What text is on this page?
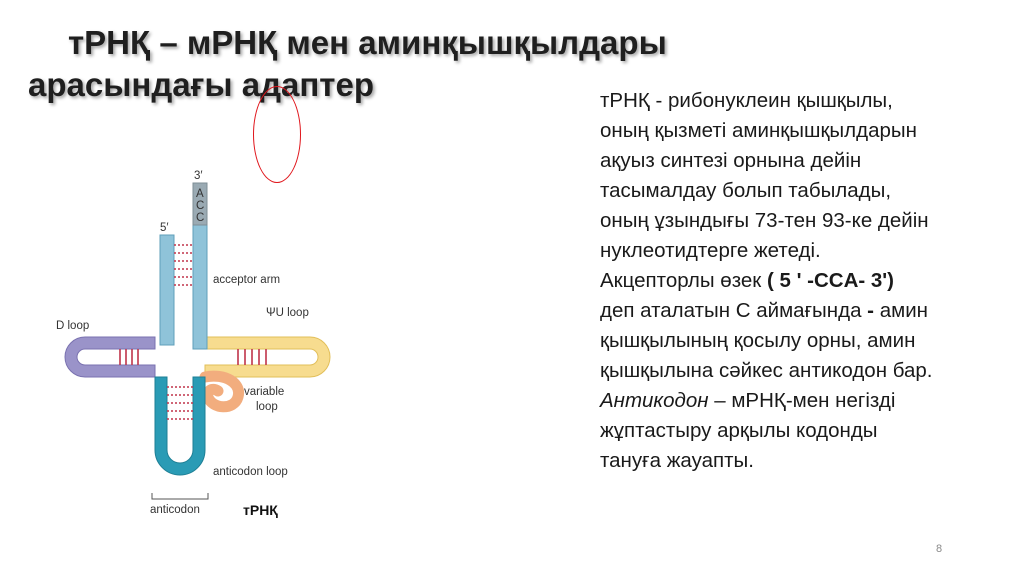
тРНҚ – мРНҚ мен аминқышқылдары
арасындағы адаптер
3′
5′
A
C
C
acceptor arm
ΨU loop
D loop
variable
loop
anticodon loop
anticodon	тРНҚ
тРНҚ - рибонуклеин қышқылы,
оның қызметі аминқышқылдарын
ақуыз синтезі орнына дейін
тасымалдау болып табылады,
оның ұзындығы 73-тен 93-ке дейін
нуклеотидтерге жетеді.
Акцепторлы өзек ( 5 ' -CCA- 3')
деп аталатын С аймағында - амин
қышқылының қосылу орны, амин
қышқылына сәйкес антикодон бар.
Антикодон – мРНҚ-мен негізді
жұптастыру арқылы кодонды
тануға жауапты.
8
